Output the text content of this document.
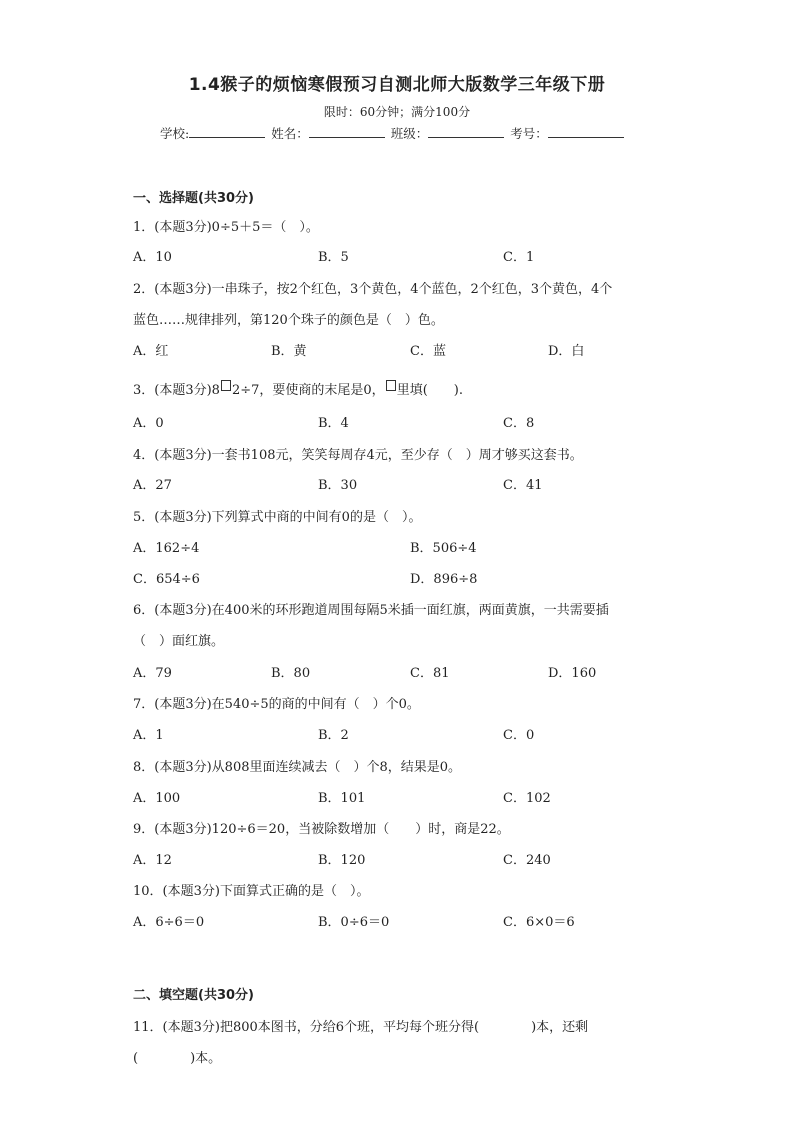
1.4猴子的烦恼寒假预习自测北师大版数学三年级下册
限时：60分钟；满分100分
学校:	姓名：	班级：	考号：
一、选择题(共30分)
1．(本题3分)0÷5＋5＝（　）。
A．10	B．5	C．1
2．(本题3分)一串珠子，按2个红色，3个黄色，4个蓝色，2个红色，3个黄色，4个
蓝色……规律排列，第120个珠子的颜色是（　）色。
A．红	B．黄	C．蓝	D．白
3．(本题3分)8 2÷7，要使商的末尾是0， 里填(　　).
A．0	B．4	C．8
4．(本题3分)一套书108元，笑笑每周存4元，至少存（　）周才够买这套书。
A．27	B．30	C．41
5．(本题3分)下列算式中商的中间有0的是（　）。
A．162÷4	B．506÷4
C．654÷6	D．896÷8
6．(本题3分)在400米的环形跑道周围每隔5米插一面红旗，两面黄旗，一共需要插
（　）面红旗。
A．79	B．80	C．81	D．160
7．(本题3分)在540÷5的商的中间有（　）个0。
A．1	B．2	C．0
8．(本题3分)从808里面连续减去（　）个8，结果是0。
A．100	B．101	C．102
9．(本题3分)120÷6＝20，当被除数增加（　　）时，商是22。
A．12	B．120	C．240
10．(本题3分)下面算式正确的是（　）。
A．6÷6＝0	B．0÷6＝0	C．6×0＝6
二、填空题(共30分)
11．(本题3分)把800本图书，分给6个班，平均每个班分得(　　　　)本，还剩
(　　　　)本。
